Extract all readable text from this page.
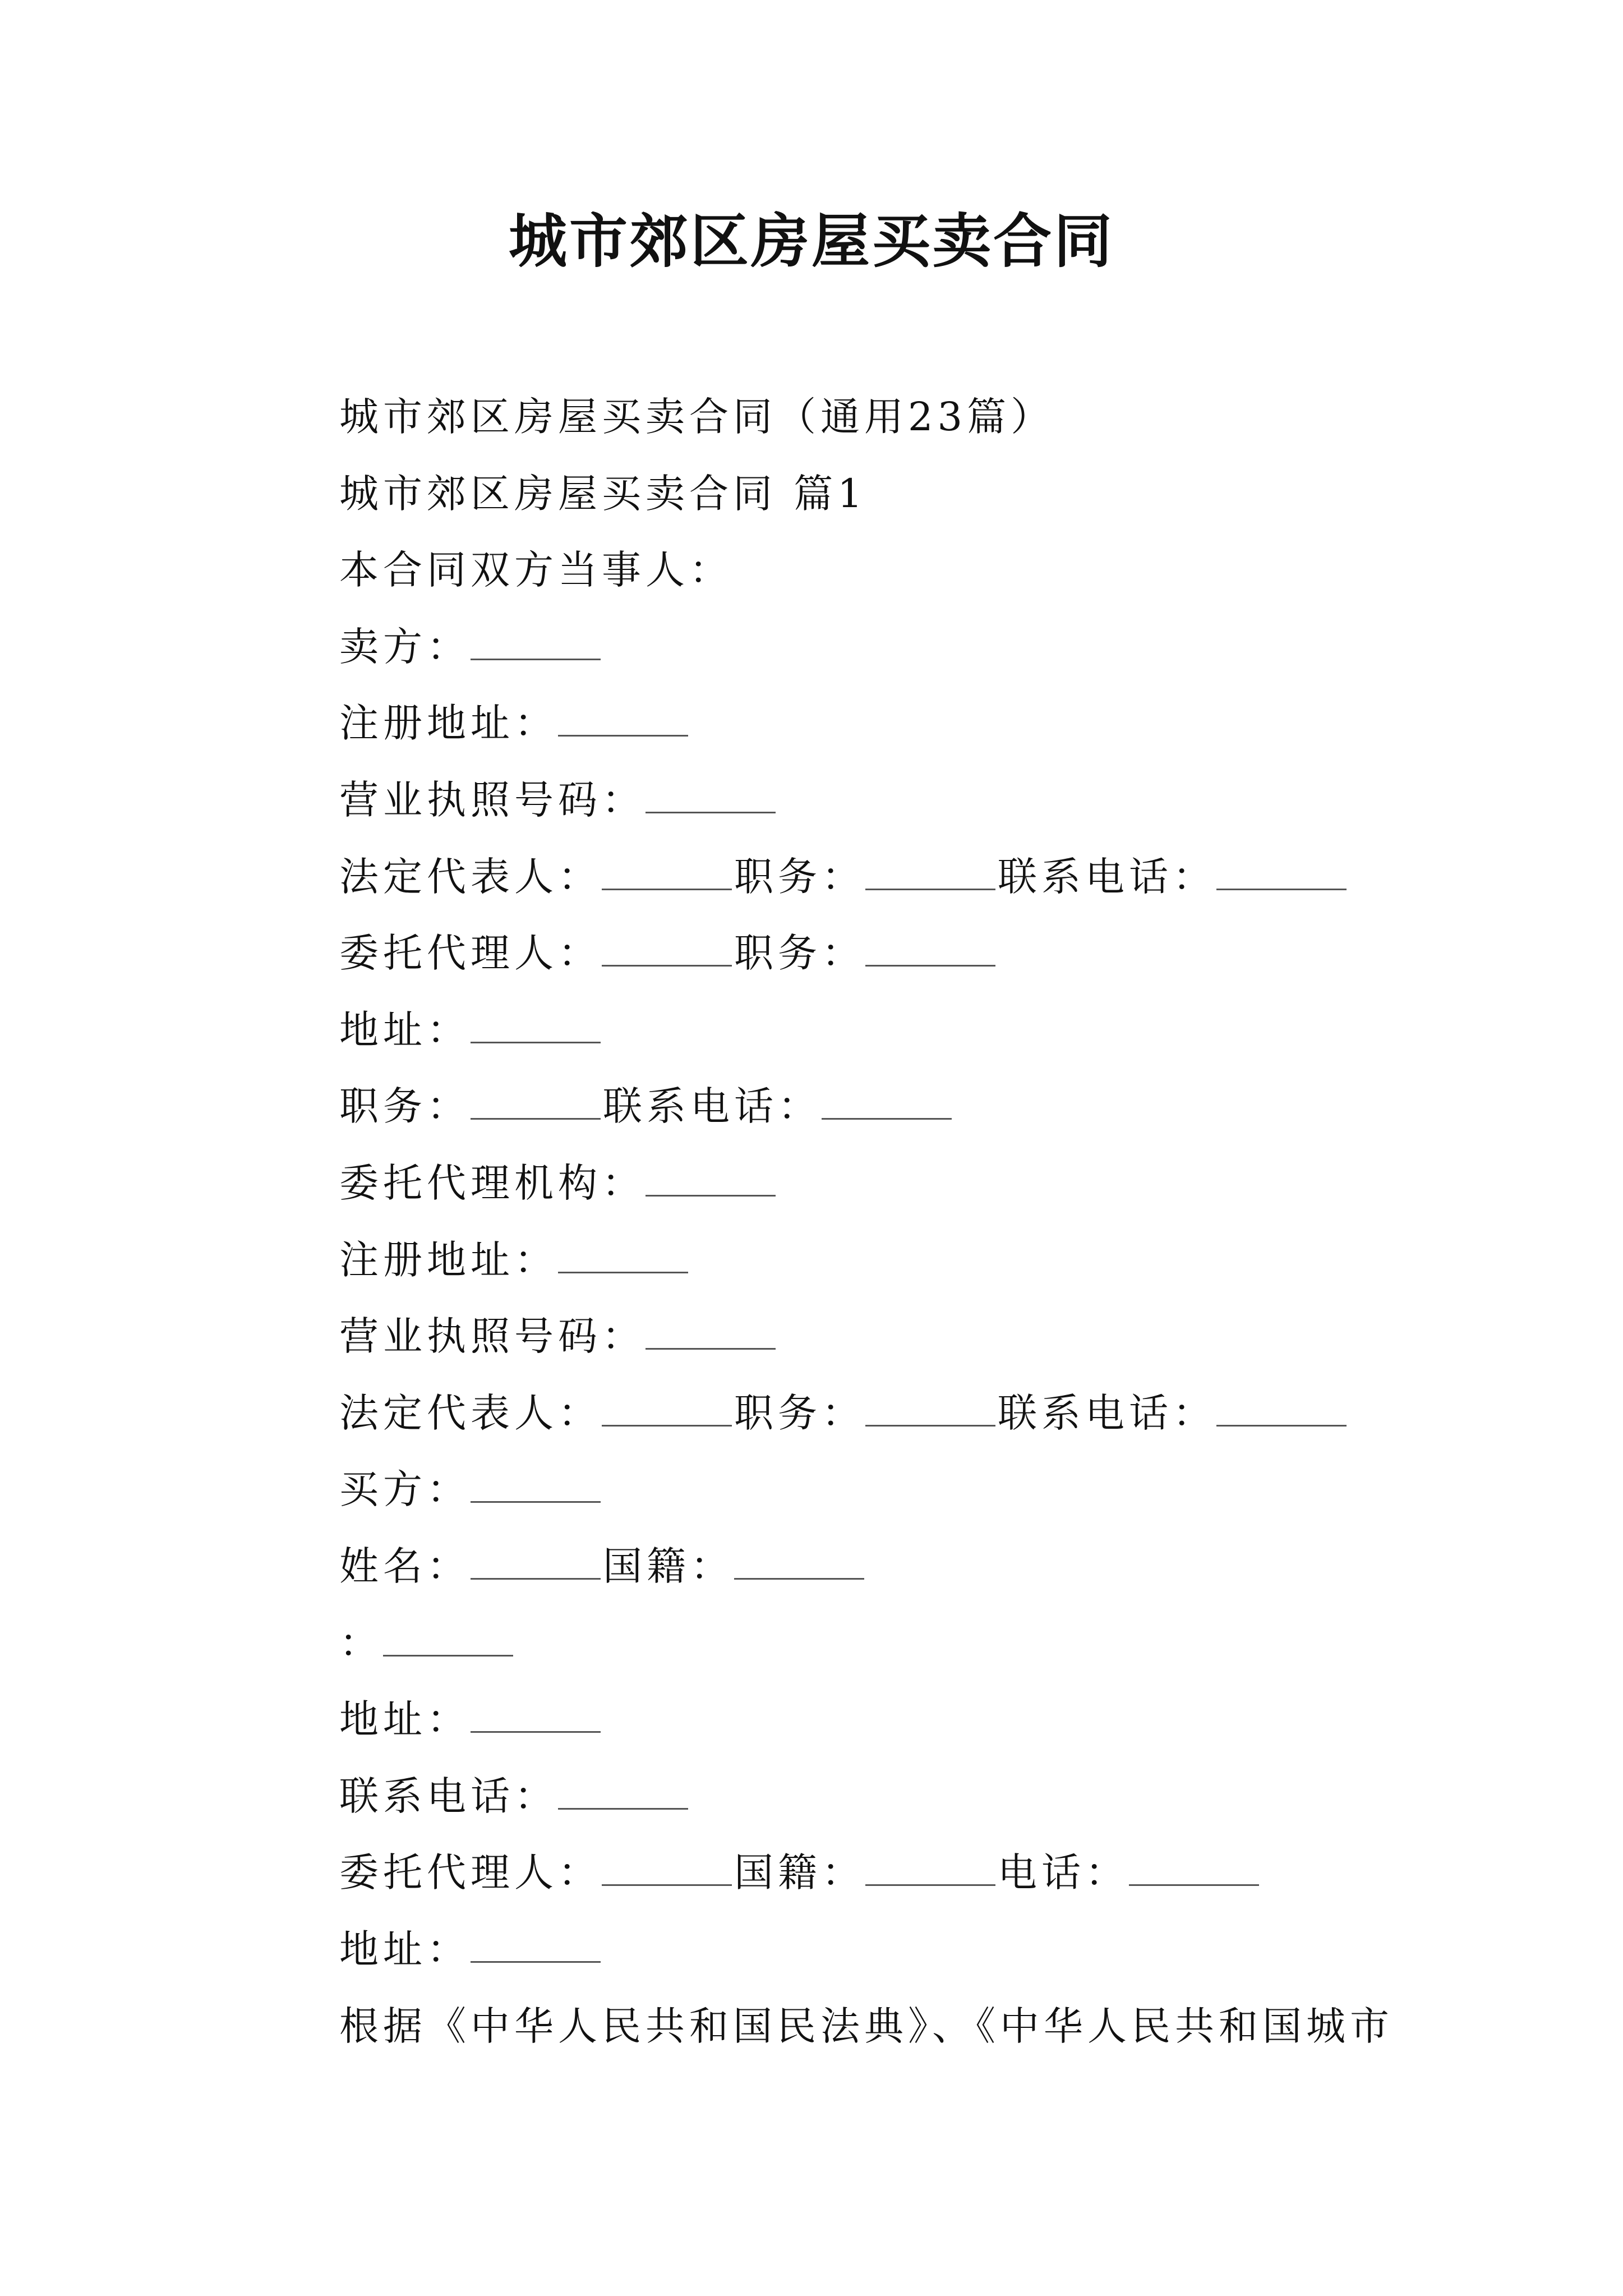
城市郊区房屋买卖合同
城市郊区房屋买卖合同（通用23篇）
城市郊区房屋买卖合同 篇1
本合同双方当事人：
卖方：
注册地址：
营业执照号码：
法定代表人：	职务：	联系电话：
委托代理人：	职务：
地址：
职务：	联系电话：
委托代理机构：
注册地址：
营业执照号码：
法定代表人：	职务：	联系电话：
买方：
姓名：	国籍：
：
地址：
联系电话：
委托代理人：	国籍：	电话：
地址：
根据《中华人民共和国民法典》、《中华人民共和国城市
